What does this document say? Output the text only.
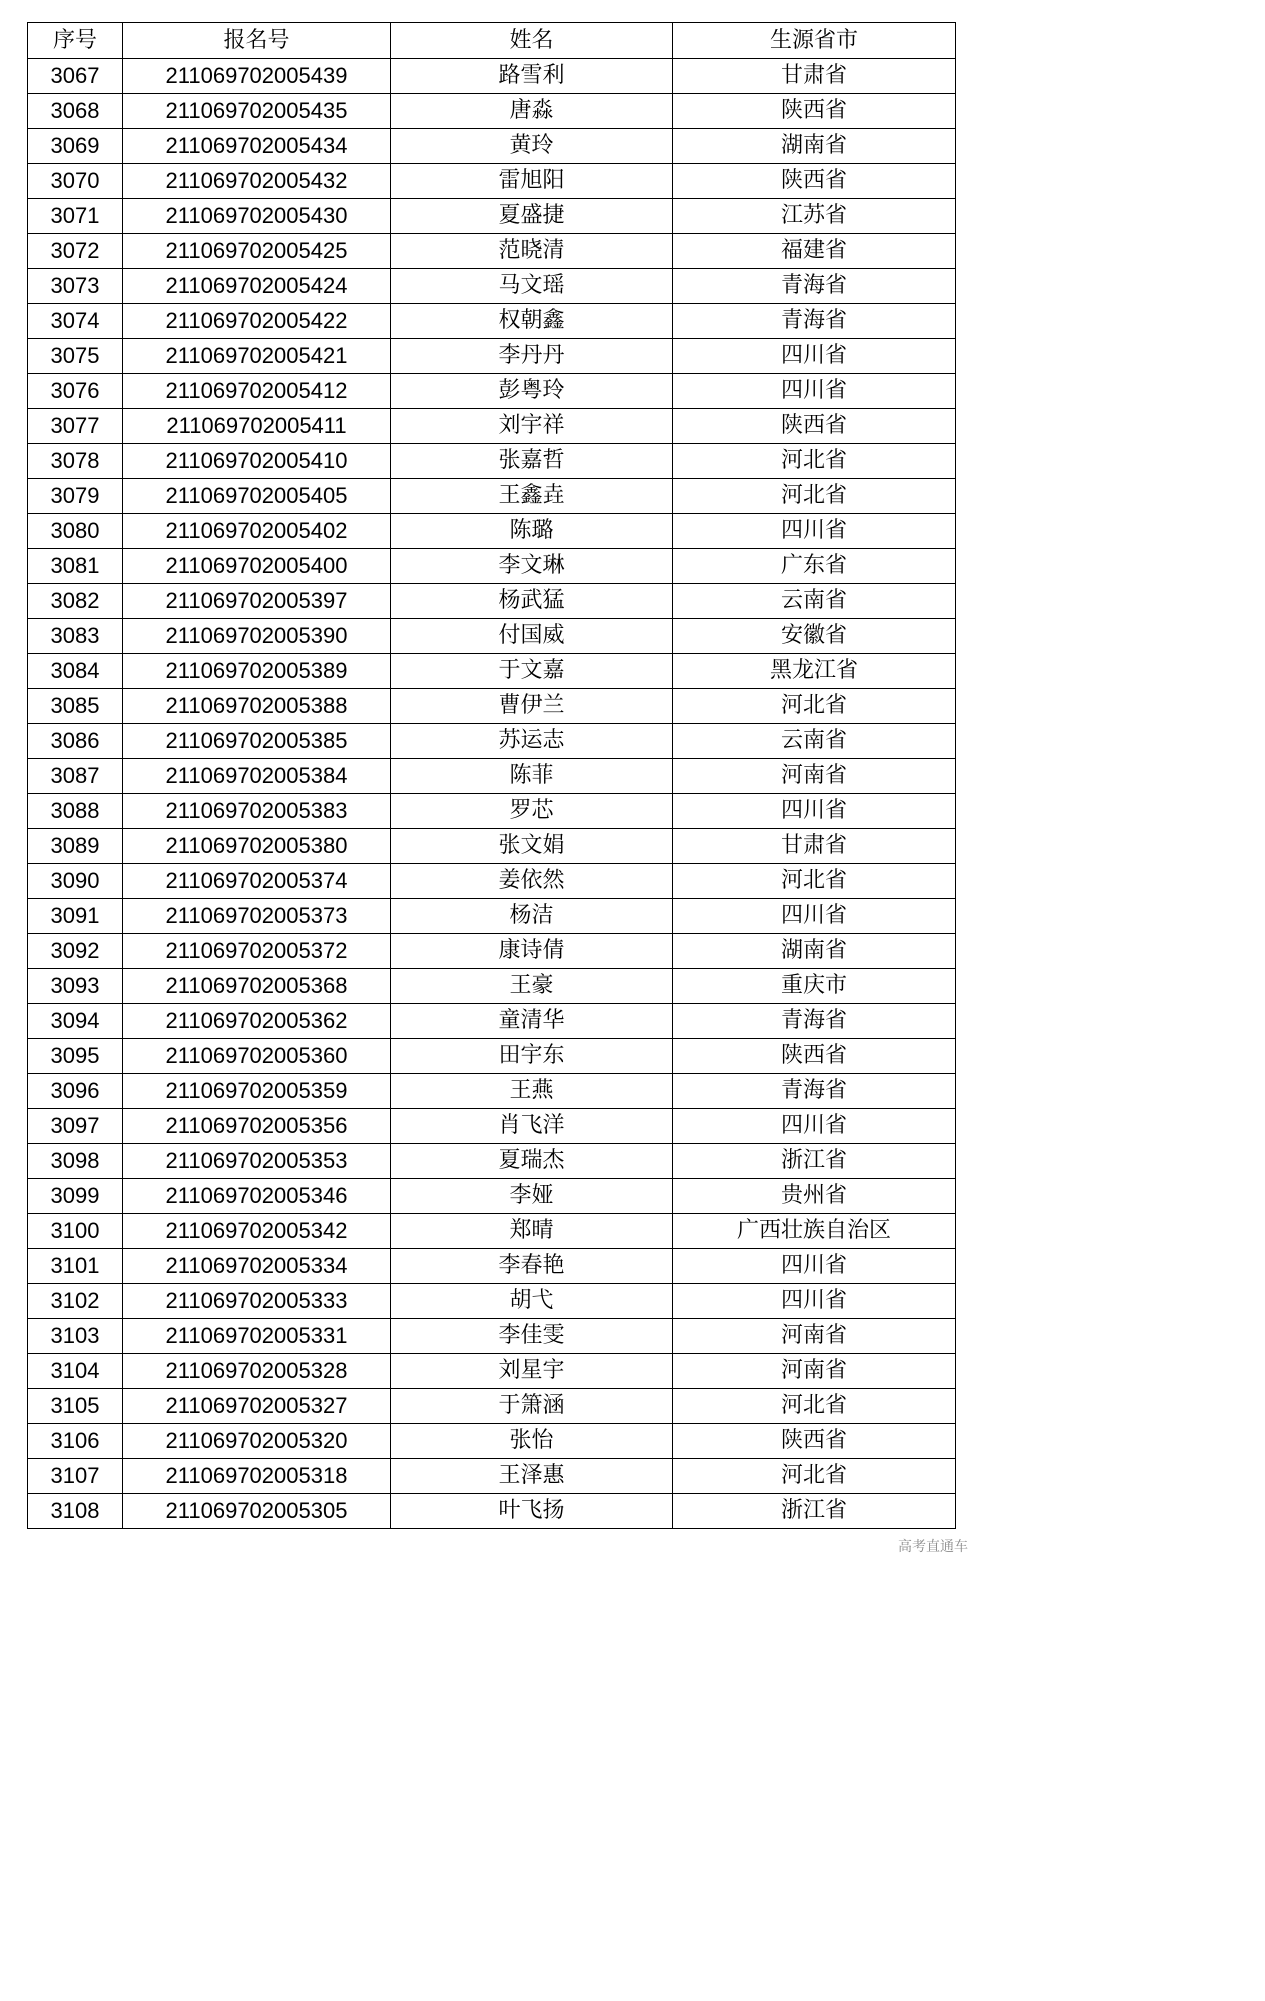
序号	报名号	姓名	生源省市
3067	211069702005439	路雪利	甘肃省
3068	211069702005435	唐淼	陕西省
3069	211069702005434	黄玲	湖南省
3070	211069702005432	雷旭阳	陕西省
3071	211069702005430	夏盛捷	江苏省
3072	211069702005425	范晓清	福建省
3073	211069702005424	马文瑶	青海省
3074	211069702005422	权朝鑫	青海省
3075	211069702005421	李丹丹	四川省
3076	211069702005412	彭粤玲	四川省
3077	211069702005411	刘宇祥	陕西省
3078	211069702005410	张嘉哲	河北省
3079	211069702005405	王鑫垚	河北省
3080	211069702005402	陈璐	四川省
3081	211069702005400	李文琳	广东省
3082	211069702005397	杨武猛	云南省
3083	211069702005390	付国威	安徽省
3084	211069702005389	于文嘉	黑龙江省
3085	211069702005388	曹伊兰	河北省
3086	211069702005385	苏运志	云南省
3087	211069702005384	陈菲	河南省
3088	211069702005383	罗芯	四川省
3089	211069702005380	张文娟	甘肃省
3090	211069702005374	姜依然	河北省
3091	211069702005373	杨洁	四川省
3092	211069702005372	康诗倩	湖南省
3093	211069702005368	王豪	重庆市
3094	211069702005362	童清华	青海省
3095	211069702005360	田宇东	陕西省
3096	211069702005359	王燕	青海省
3097	211069702005356	肖飞洋	四川省
3098	211069702005353	夏瑞杰	浙江省
3099	211069702005346	李娅	贵州省
3100	211069702005342	郑晴	广西壮族自治区
3101	211069702005334	李春艳	四川省
3102	211069702005333	胡弋	四川省
3103	211069702005331	李佳雯	河南省
3104	211069702005328	刘星宇	河南省
3105	211069702005327	于箫涵	河北省
3106	211069702005320	张怡	陕西省
3107	211069702005318	王泽惠	河北省
3108	211069702005305	叶飞扬	浙江省
高考直通车
